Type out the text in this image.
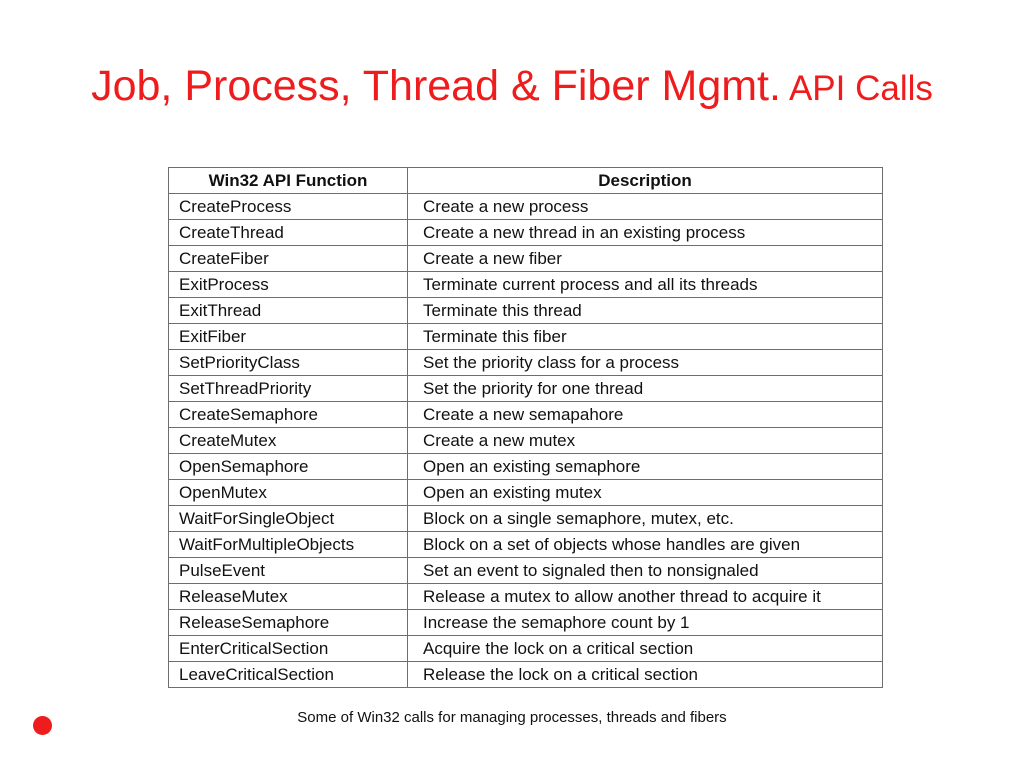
Job, Process, Thread & Fiber Mgmt. API Calls
Win32 API Function	Description
CreateProcess	Create a new process
CreateThread	Create a new thread in an existing process
CreateFiber	Create a new fiber
ExitProcess	Terminate current process and all its threads
ExitThread	Terminate this thread
ExitFiber	Terminate this fiber
SetPriorityClass	Set the priority class for a process
SetThreadPriority	Set the priority for one thread
CreateSemaphore	Create a new semapahore
CreateMutex	Create a new mutex
OpenSemaphore	Open an existing semaphore
OpenMutex	Open an existing mutex
WaitForSingleObject	Block on a single semaphore, mutex, etc.
WaitForMultipleObjects	Block on a set of objects whose handles are given
PulseEvent	Set an event to signaled then to nonsignaled
ReleaseMutex	Release a mutex to allow another thread to acquire it
ReleaseSemaphore	Increase the semaphore count by 1
EnterCriticalSection	Acquire the lock on a critical section
LeaveCriticalSection	Release the lock on a critical section
Some of Win32 calls for managing processes, threads and fibers
